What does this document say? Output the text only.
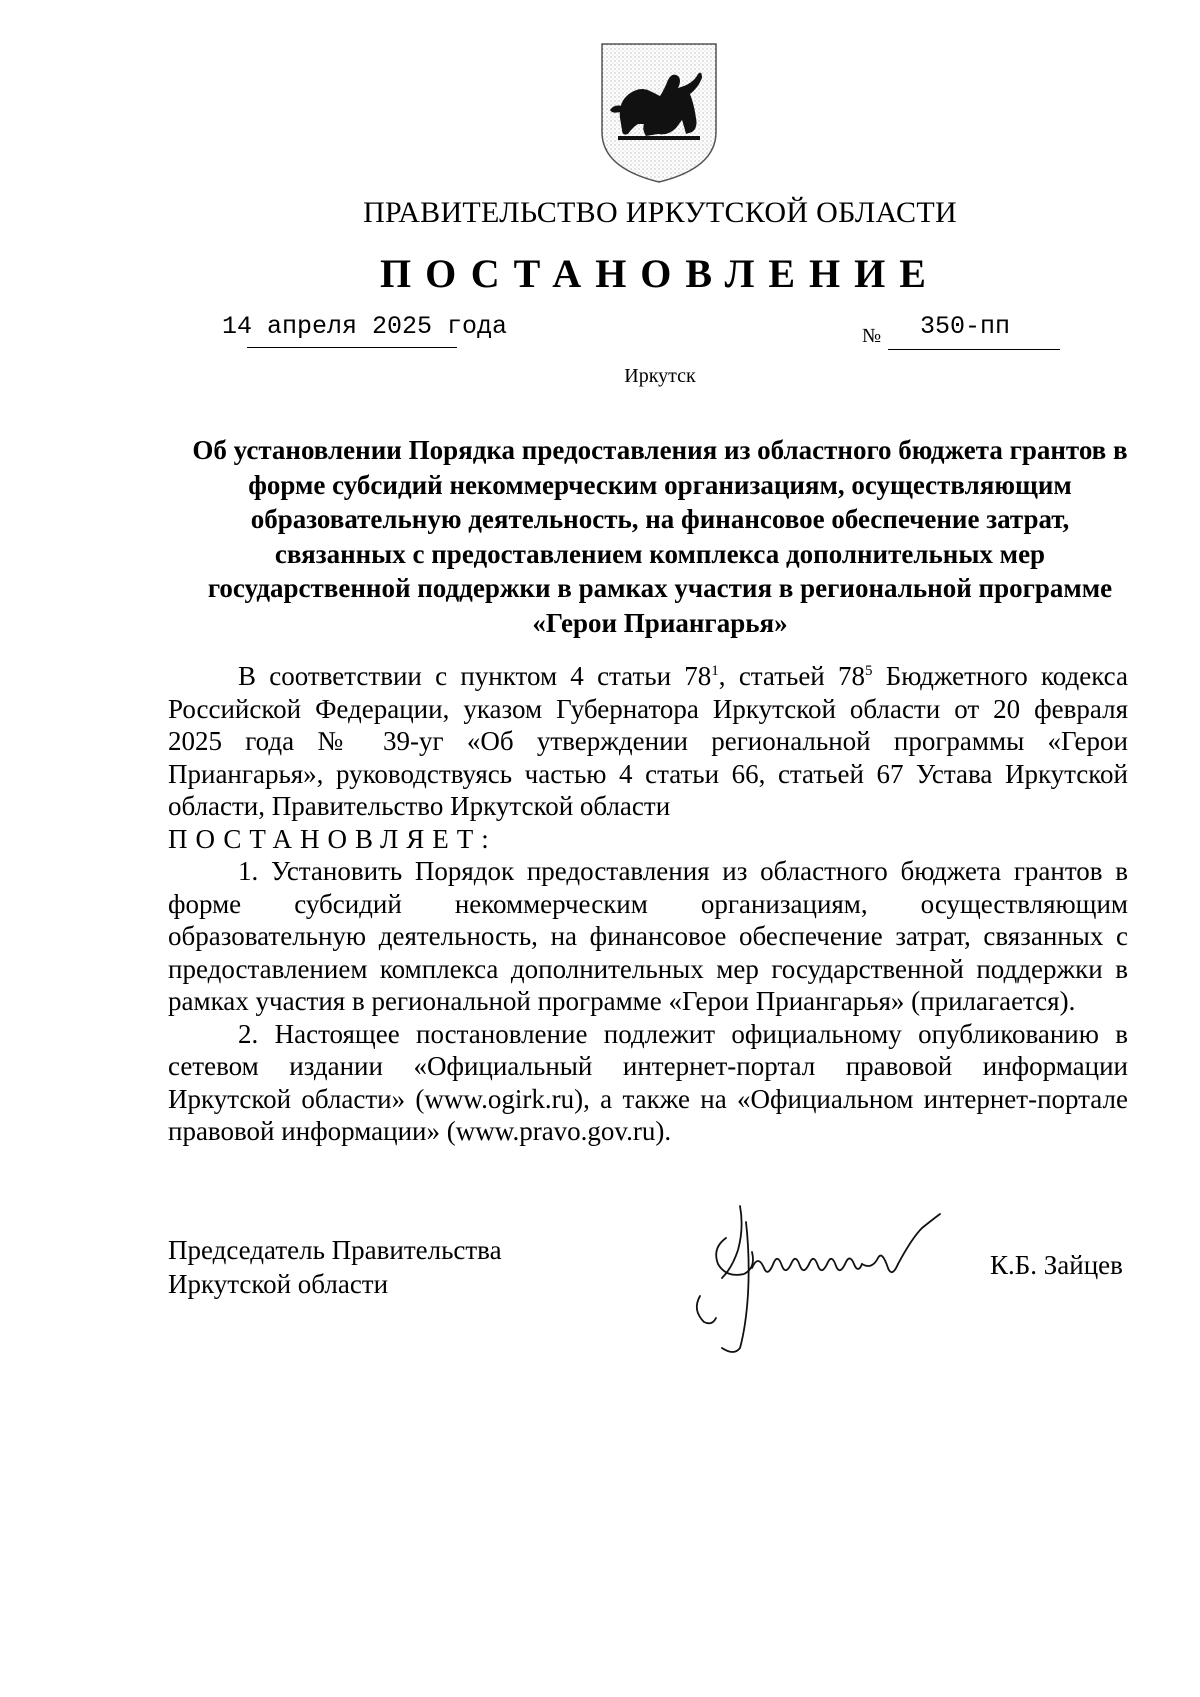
ПРАВИТЕЛЬСТВО ИРКУТСКОЙ ОБЛАСТИ
ПОСТАНОВЛЕНИЕ
14 апреля 2025 года	№ 350-пп
Иркутск
Об установлении Порядка предоставления из областного бюджета грантов в форме субсидий некоммерческим организациям, осуществляющим образовательную деятельность, на финансовое обеспечение затрат, связанных с предоставлением комплекса дополнительных мер государственной поддержки в рамках участия в региональной программе «Герои Приангарья»

В соответствии с пунктом 4 статьи $78^1$, статьей $78^5$ Бюджетного кодекса Российской Федерации, указом Губернатора Иркутской области от 20 февраля 2025 года № 39-уг «Об утверждении региональной программы «Герои Приангарья», руководствуясь частью 4 статьи 66, статьей 67 Устава Иркутской области, Правительство Иркутской области

ПОСТАНОВЛЯЕТ:

1. Установить Порядок предоставления из областного бюджета грантов в форме субсидий некоммерческим организациям, осуществляющим образовательную деятельность, на финансовое обеспечение затрат, связанных с предоставлением комплекса дополнительных мер государственной поддержки в рамках участия в региональной программе «Герои Приангарья» (прилагается).

2. Настоящее постановление подлежит официальному опубликованию в сетевом издании «Официальный интернет-портал правовой информации Иркутской области» (www.ogirk.ru), а также на «Официальном интернет-портале правовой информации» (www.pravo.gov.ru).

Председатель Правительства
Иркутской области
К.Б. Зайцев
